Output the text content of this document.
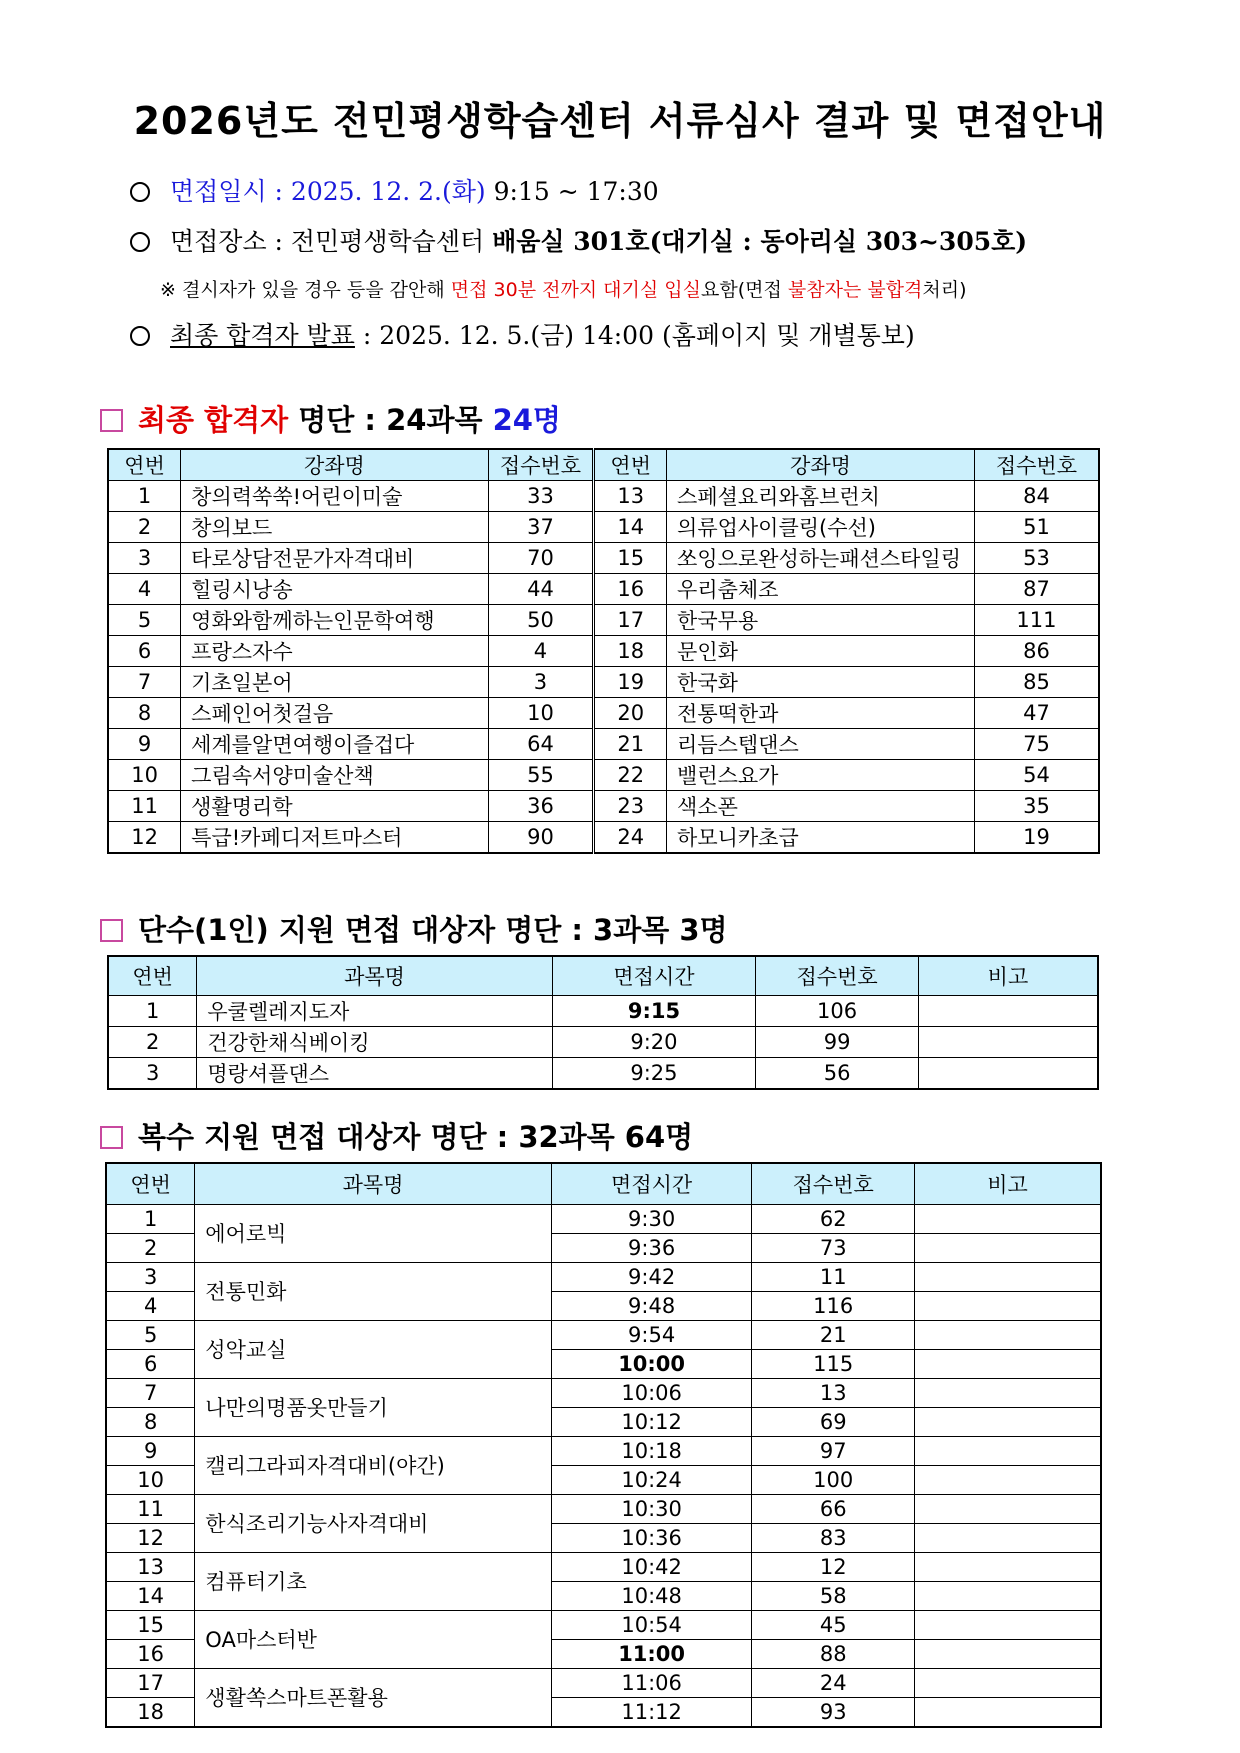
2026년도 전민평생학습센터 서류심사 결과 및 면접안내
면접일시 : 2025. 12. 2.(화) 9:15 ~ 17:30
면접장소 : 전민평생학습센터 배움실 301호(대기실 : 동아리실 303~305호)
※ 결시자가 있을 경우 등을 감안해 면접 30분 전까지 대기실 입실요함(면접 불참자는 불합격처리)
최종 합격자 발표 : 2025. 12. 5.(금) 14:00 (홈페이지 및 개별통보)
최종 합격자 명단 : 24과목 24명
연번	강좌명	접수번호	연번	강좌명	접수번호
1	창의력쑥쑥!어린이미술	33	13	스페셜요리와홈브런치	84
2	창의보드	37	14	의류업사이클링(수선)	51
3	타로상담전문가자격대비	70	15	쏘잉으로완성하는패션스타일링	53
4	힐링시낭송	44	16	우리춤체조	87
5	영화와함께하는인문학여행	50	17	한국무용	111
6	프랑스자수	4	18	문인화	86
7	기초일본어	3	19	한국화	85
8	스페인어첫걸음	10	20	전통떡한과	47
9	세계를알면여행이즐겁다	64	21	리듬스텝댄스	75
10	그림속서양미술산책	55	22	밸런스요가	54
11	생활명리학	36	23	색소폰	35
12	특급!카페디저트마스터	90	24	하모니카초급	19
단수(1인) 지원 면접 대상자 명단 : 3과목 3명
연번	과목명	면접시간	접수번호	비고
1	우쿨렐레지도자	9:15	106	
2	건강한채식베이킹	9:20	99	
3	명랑셔플댄스	9:25	56	
복수 지원 면접 대상자 명단 : 32과목 64명
연번	과목명	면접시간	접수번호	비고
1	에어로빅	9:30	62	
2		9:36	73	
3	전통민화	9:42	11	
4		9:48	116	
5	성악교실	9:54	21	
6		10:00	115	
7	나만의명품옷만들기	10:06	13	
8		10:12	69	
9	캘리그라피자격대비(야간)	10:18	97	
10		10:24	100	
11	한식조리기능사자격대비	10:30	66	
12		10:36	83	
13	컴퓨터기초	10:42	12	
14		10:48	58	
15	OA마스터반	10:54	45	
16		11:00	88	
17	생활쏙스마트폰활용	11:06	24	
18		11:12	93	
